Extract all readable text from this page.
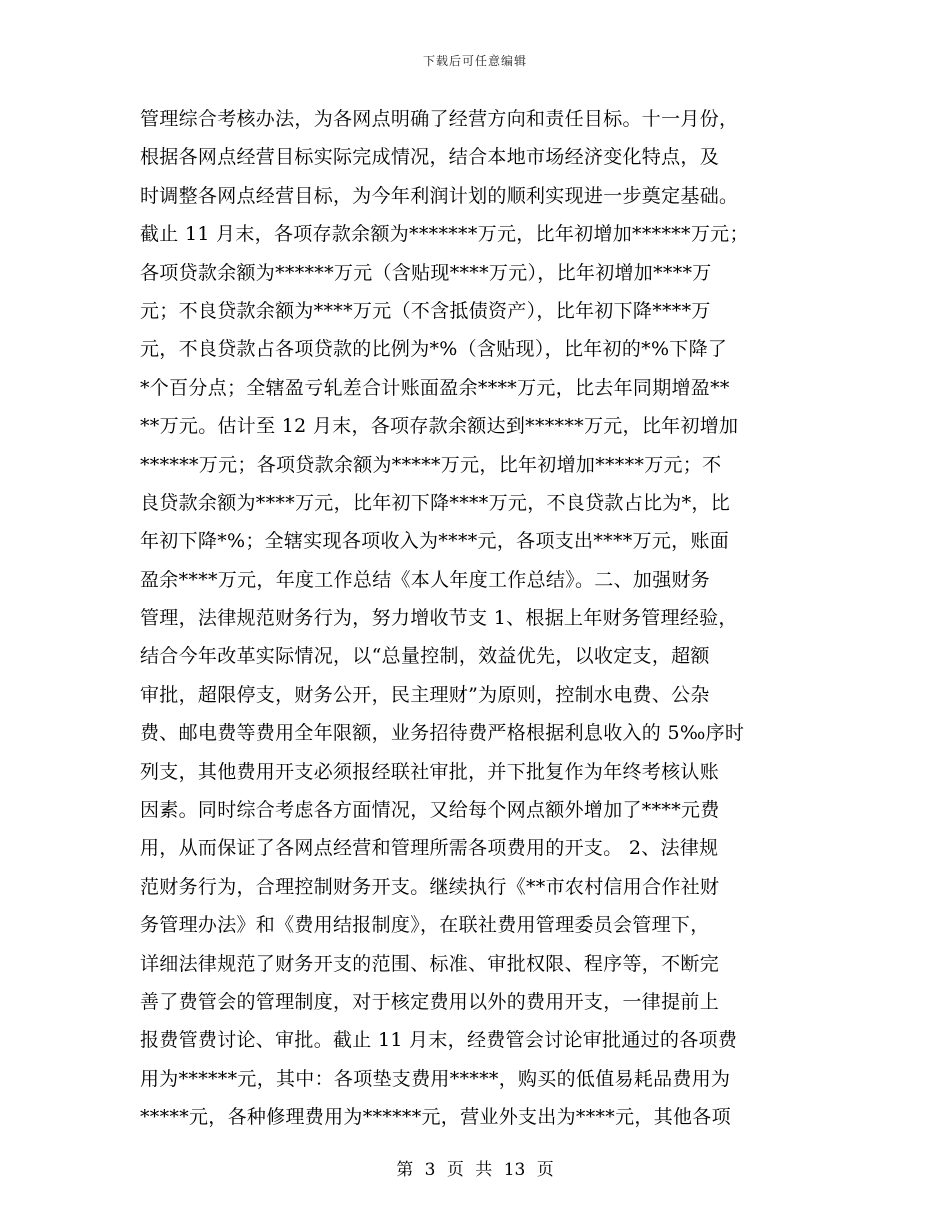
下载后可任意编辑
管理综合考核办法，为各网点明确了经营方向和责任目标。十一月份，
根据各网点经营目标实际完成情况，结合本地市场经济变化特点，及
时调整各网点经营目标，为今年利润计划的顺利实现进一步奠定基础。
截止 11 月末，各项存款余额为*******万元，比年初增加******万元；
各项贷款余额为******万元（含贴现****万元），比年初增加****万
元；不良贷款余额为****万元（不含抵债资产），比年初下降****万
元，不良贷款占各项贷款的比例为*%（含贴现），比年初的*%下降了
*个百分点；全辖盈亏轧差合计账面盈余****万元，比去年同期增盈**
**万元。估计至 12 月末，各项存款余额达到******万元，比年初增加
******万元；各项贷款余额为*****万元，比年初增加*****万元；不
良贷款余额为****万元，比年初下降****万元，不良贷款占比为*，比
年初下降*%；全辖实现各项收入为****元，各项支出****万元，账面
盈余****万元，年度工作总结《本人年度工作总结》。二、加强财务
管理，法律规范财务行为，努力增收节支 1、根据上年财务管理经验，
结合今年改革实际情况，以“总量控制，效益优先，以收定支，超额
审批，超限停支，财务公开，民主理财”为原则，控制水电费、公杂
费、邮电费等费用全年限额，业务招待费严格根据利息收入的 5‰序时
列支，其他费用开支必须报经联社审批，并下批复作为年终考核认账
因素。同时综合考虑各方面情况，又给每个网点额外增加了****元费
用，从而保证了各网点经营和管理所需各项费用的开支。 2、法律规
范财务行为，合理控制财务开支。继续执行《**市农村信用合作社财
务管理办法》和《费用结报制度》，在联社费用管理委员会管理下，
详细法律规范了财务开支的范围、标准、审批权限、程序等，不断完
善了费管会的管理制度，对于核定费用以外的费用开支，一律提前上
报费管费讨论、审批。截止 11 月末，经费管会讨论审批通过的各项费
用为******元，其中：各项垫支费用*****，购买的低值易耗品费用为
*****元，各种修理费用为******元，营业外支出为****元，其他各项
第 3 页 共 13 页
